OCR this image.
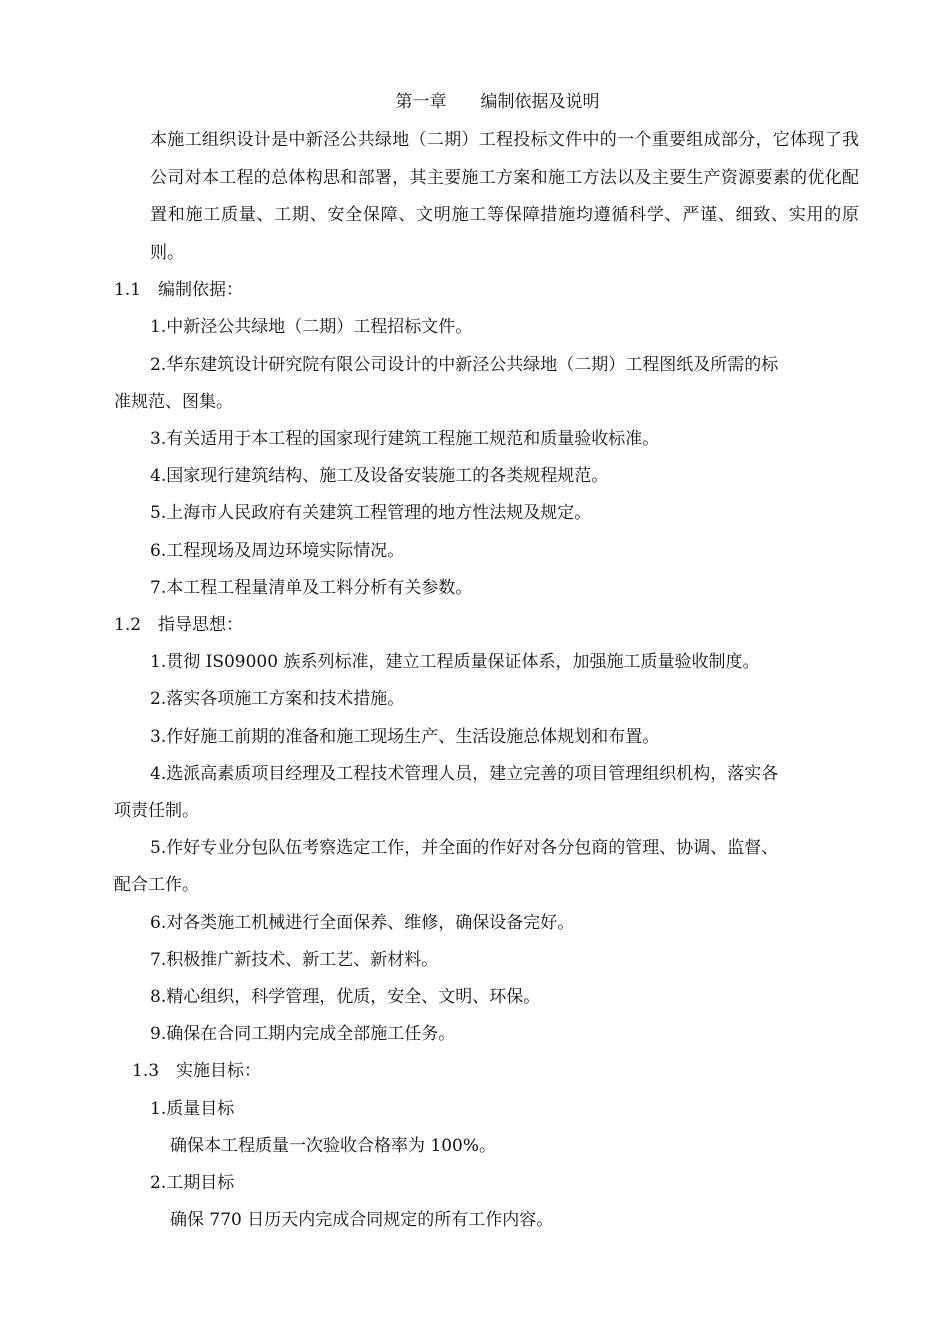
第一章　　编制依据及说明
本施工组织设计是中新泾公共绿地（二期）工程投标文件中的一个重要组成部分，它体现了我公司对本工程的总体构思和部署，其主要施工方案和施工方法以及主要生产资源要素的优化配置和施工质量、工期、安全保障、文明施工等保障措施均遵循科学、严谨、细致、实用的原则。
1.1　编制依据：
1.中新泾公共绿地（二期）工程招标文件。
2.华东建筑设计研究院有限公司设计的中新泾公共绿地（二期）工程图纸及所需的标
准规范、图集。
3.有关适用于本工程的国家现行建筑工程施工规范和质量验收标准。
4.国家现行建筑结构、施工及设备安装施工的各类规程规范。
5.上海市人民政府有关建筑工程管理的地方性法规及规定。
6.工程现场及周边环境实际情况。
7.本工程工程量清单及工料分析有关参数。
1.2　指导思想：
1.贯彻 IS09000 族系列标准，建立工程质量保证体系，加强施工质量验收制度。
2.落实各项施工方案和技术措施。
3.作好施工前期的准备和施工现场生产、生活设施总体规划和布置。
4.选派高素质项目经理及工程技术管理人员，建立完善的项目管理组织机构，落实各
项责任制。
5.作好专业分包队伍考察选定工作，并全面的作好对各分包商的管理、协调、监督、
配合工作。
6.对各类施工机械进行全面保养、维修，确保设备完好。
7.积极推广新技术、新工艺、新材料。
8.精心组织，科学管理，优质，安全、文明、环保。
9.确保在合同工期内完成全部施工任务。
1.3　实施目标：
1.质量目标
确保本工程质量一次验收合格率为 100%。
2.工期目标
确保 770 日历天内完成合同规定的所有工作内容。
